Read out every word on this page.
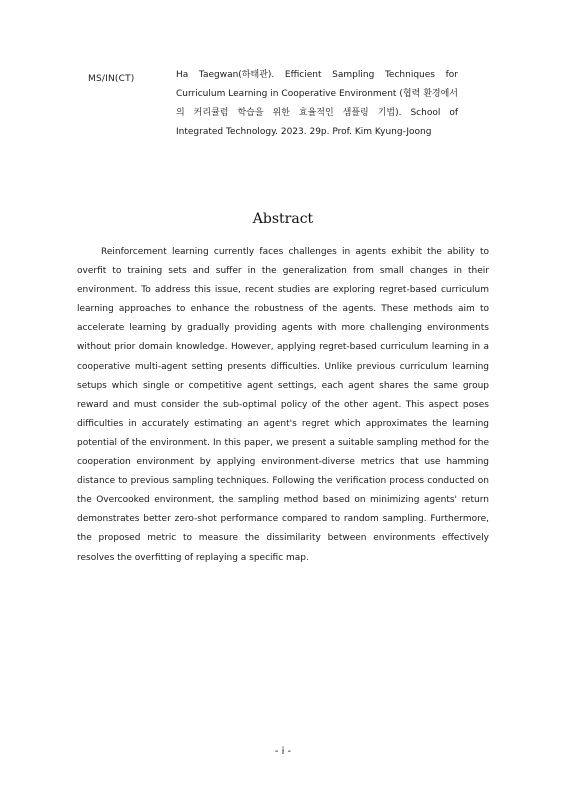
MS/IN(CT)	Ha Taegwan(하태관). Efficient Sampling Techniques for Curriculum Learning in Cooperative Environment (협력 환경에서의 커리큘럼 학습을 위한 효율적인 샘플링 기법). School of Integrated Technology. 2023. 29p. Prof. Kim Kyung-Joong
Abstract

Reinforcement learning currently faces challenges in agents exhibit the ability to overfit to training sets and suffer in the generalization from small changes in their environment. To address this issue, recent studies are exploring regret-based curriculum learning approaches to enhance the robustness of the agents. These methods aim to accelerate learning by gradually providing agents with more challenging environments without prior domain knowledge. However, applying regret-based curriculum learning in a cooperative multi-agent setting presents difficulties. Unlike previous curriculum learning setups which single or competitive agent settings, each agent shares the same group reward and must consider the sub-optimal policy of the other agent. This aspect poses difficulties in accurately estimating an agent's regret which approximates the learning potential of the environment. In this paper, we present a suitable sampling method for the cooperation environment by applying environment-diverse metrics that use hamming distance to previous sampling techniques. Following the verification process conducted on the Overcooked environment, the sampling method based on minimizing agents' return demonstrates better zero-shot performance compared to random sampling. Furthermore, the proposed metric to measure the dissimilarity between environments effectively resolves the overfitting of replaying a specific map.

- i -
